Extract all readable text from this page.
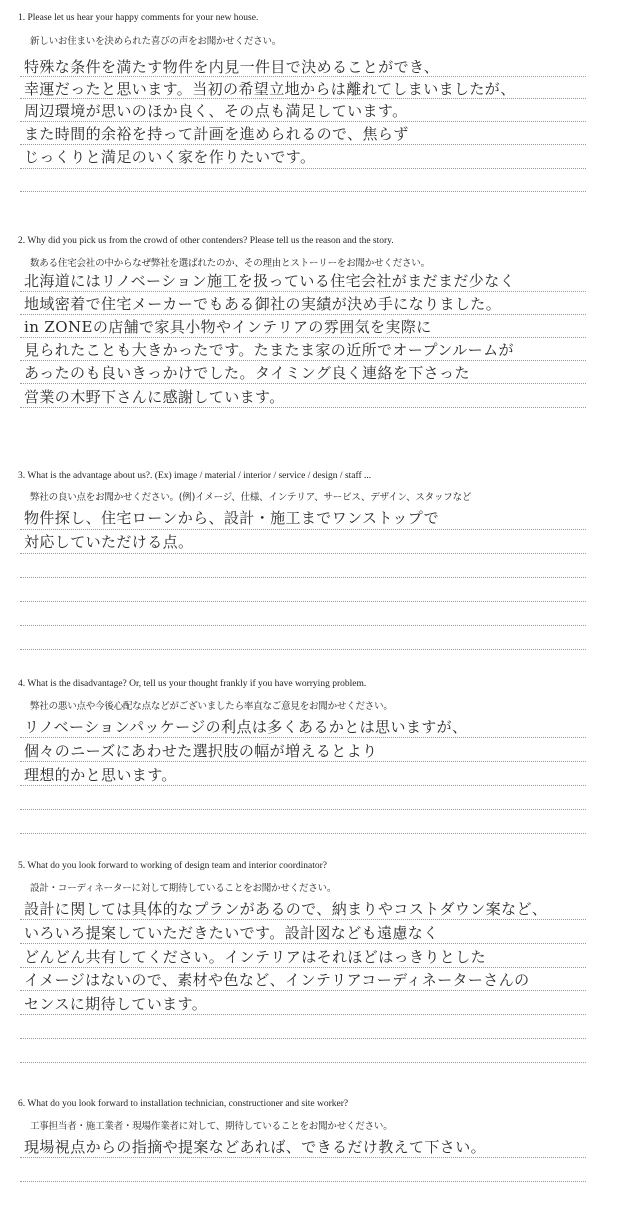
1. Please let us hear your happy comments for your new house.
新しいお住まいを決められた喜びの声をお聞かせください。
特殊な条件を満たす物件を内見一件目で決めることができ、
幸運だったと思います。当初の希望立地からは離れてしまいましたが、
周辺環境が思いのほか良く、その点も満足しています。
また時間的余裕を持って計画を進められるので、焦らず
じっくりと満足のいく家を作りたいです。
2. Why did you pick us from the crowd of other contenders? Please tell us the reason and the story.
数ある住宅会社の中からなぜ弊社を選ばれたのか、その理由とストーリーをお聞かせください。
北海道にはリノベーション施工を扱っている住宅会社がまだまだ少なく
地域密着で住宅メーカーでもある御社の実績が決め手になりました。
in ZONEの店舗で家具小物やインテリアの雰囲気を実際に
見られたことも大きかったです。たまたま家の近所でオープンルームが
あったのも良いきっかけでした。タイミング良く連絡を下さった
営業の木野下さんに感謝しています。
3. What is the advantage about us?. (Ex) image / material / interior / service / design / staff ...
弊社の良い点をお聞かせください。(例)イメージ、仕様、インテリア、サービス、デザイン、スタッフなど
物件探し、住宅ローンから、設計・施工までワンストップで
対応していただける点。
4. What is the disadvantage? Or, tell us your thought frankly if you have worrying problem.
弊社の悪い点や今後心配な点などがございましたら率直なご意見をお聞かせください。
リノベーションパッケージの利点は多くあるかとは思いますが、
個々のニーズにあわせた選択肢の幅が増えるとより
理想的かと思います。
5. What do you look forward to working of design team and interior coordinator?
設計・コーディネーターに対して期待していることをお聞かせください。
設計に関しては具体的なプランがあるので、納まりやコストダウン案など、
いろいろ提案していただきたいです。設計図なども遠慮なく
どんどん共有してください。インテリアはそれほどはっきりとした
イメージはないので、素材や色など、インテリアコーディネーターさんの
センスに期待しています。
6. What do you look forward to installation technician, constructioner and site worker?
工事担当者・施工業者・現場作業者に対して、期待していることをお聞かせください。
現場視点からの指摘や提案などあれば、できるだけ教えて下さい。
